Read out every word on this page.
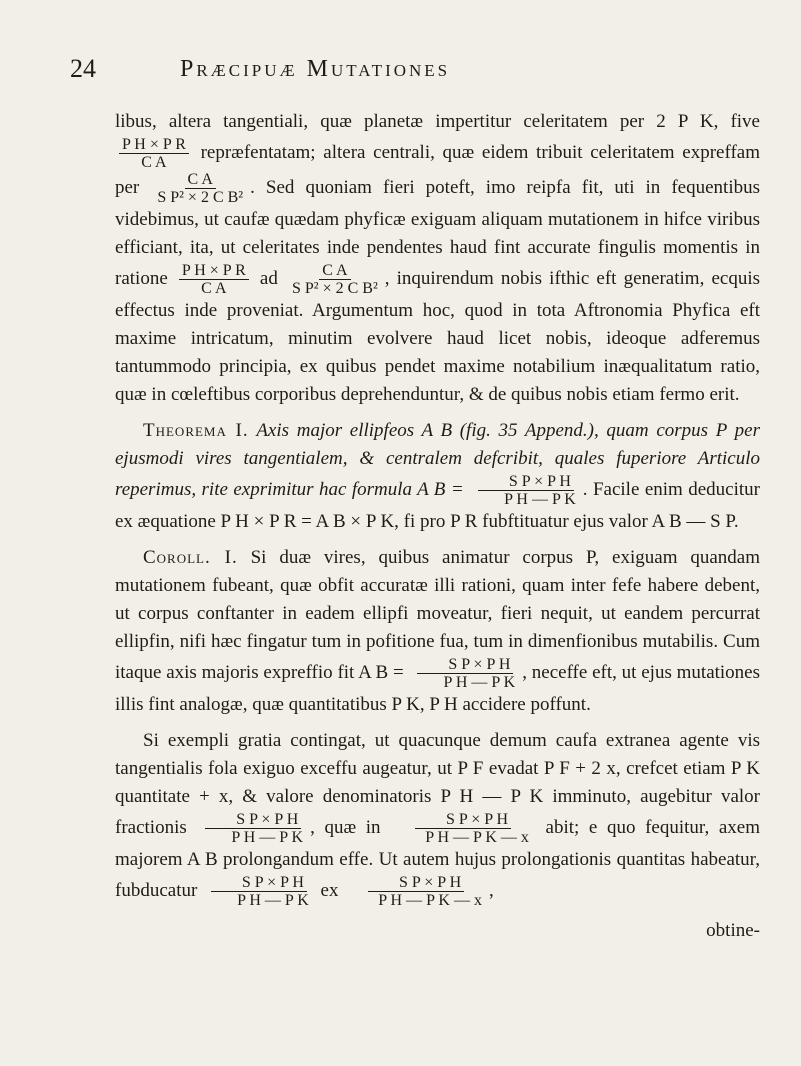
24	Præcipuæ Mutationes

libus, altera tangentiali, quæ planetæ impertitur celeritatem per 2 P K, five
$\frac{\text{P H × P R}}{\text{C A}}$ repræfentatam; altera centrali, quæ eidem tribuit celeritatem expreffam per $\frac{\text{C A}}{\text{S P² × 2 C B²}}$ . Sed quoniam fieri poteft, imo reipfa fit, uti in fequentibus videbimus, ut caufæ quædam phyficæ exiguam aliquam mutationem in hifce viribus efficiant, ita, ut celeritates inde pendentes haud fint accurate fingulis momentis in ratione $\frac{\text{P H × P R}}{\text{C A}}$ ad $\frac{\text{C A}}{\text{S P² × 2 C B²}}$ , inquirendum nobis ifthic eft generatim, ecquis effectus inde proveniat. Argumentum hoc, quod in tota Aftronomia Phyfica eft maxime intricatum, minutim evolvere haud licet nobis, ideoque adferemus tantummodo principia, ex quibus pendet maxime notabilium inæqualitatum ratio, quæ in cœleftibus corporibus deprehenduntur, & de quibus nobis etiam fermo erit.

Theorema I. Axis major ellipfeos A B (fig. 35 Append.), quam corpus P per ejusmodi vires tangentialem, & centralem defcribit, quales fuperiore Articulo reperimus, rite exprimitur hac formula A $B = \frac{\text{S P × P H}}{\text{P H — P K}}$ . Facile enim deducitur ex æquatione P H × P R = A B × P K, fi pro P R fubftituatur ejus valor A B — S P.

Coroll. I. Si duæ vires, quibus animatur corpus P, exiguam quandam mutationem fubeant, quæ obfit accuratæ illi rationi, quam inter fefe habere debent, ut corpus conftanter in eadem ellipfi moveatur, fieri nequit, ut eandem percurrat ellipfin, nifi hæc fingatur tum in pofitione fua, tum in dimenfionibus mutabilis. Cum itaque axis majoris expreffio fit A $B = \frac{\text{S P × P H}}{\text{P H — P K}}$ , neceffe eft, ut ejus mutationes illis fint analogæ, quæ quantitatibus P K, P H accidere poffunt.

Si exempli gratia contingat, ut quacunque demum caufa extranea agente vis tangentialis fola exiguo exceffu augeatur, ut P F evadat P F + 2 x, crefcet etiam P K quantitate + x, & valore denominatoris P H — P K imminuto, augebitur valor fractionis $\frac{\text{S P × P H}}{\text{P H — P K}}$ , quæ in $\frac{\text{S P × P H}}{\text{P H — P K — x}}$ abit; e quo fequitur, axem majorem A B prolongandum effe. Ut autem hujus prolongationis quantitas habeatur, fubducatur $\frac{\text{S P × P H}}{\text{P H — P K}}$ ex $\frac{\text{S P × P H}}{\text{P H — P K — x}}$ ,

obtine-
